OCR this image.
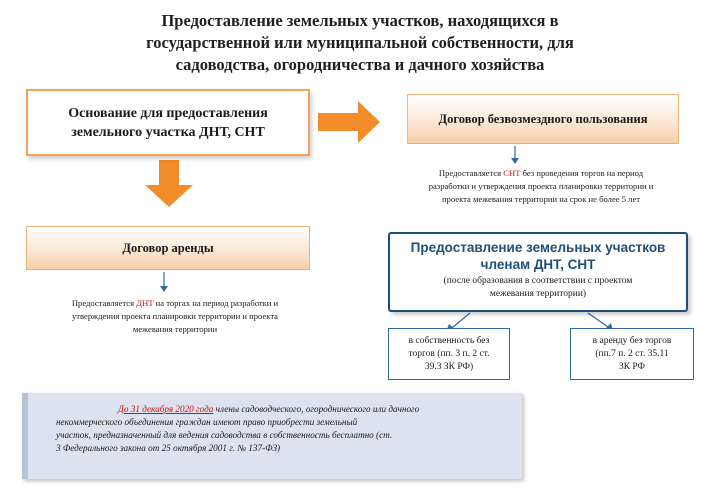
Предоставление земельных участков, находящихся в
государственной или муниципальной собственности, для
садоводства, огородничества и дачного хозяйства
Основание для предоставления
земельного участка ДНТ, СНТ
Договор безвозмездного пользования
Предоставляется СНТ без проведения торгов на период
разработки и утверждения проекта планировки территории и
проекта межевания территории на срок не более 5 лет
Договор аренды
Предоставляется ДНТ на торгах на период разработки и
утверждения проекта планировки территории и проекта
межевания территории
Предоставление земельных участков
членам ДНТ, СНТ
(после образования в соответствии с проектом
межевания территории)
в собственность без
торгов (пп. 3 п. 2 ст.
39.3 ЗК РФ)
в аренду без торгов
(пп.7 п. 2 ст. 35.11
ЗК РФ
До 31 декабря 2020 года члены садоводческого, огороднического или дачного
некоммерческого объединения граждан имеют право приобрести земельный
участок, предназначенный для ведения садоводства в собственность бесплатно (ст.
3 Федерального закона от 25 октября 2001 г. № 137-ФЗ)
